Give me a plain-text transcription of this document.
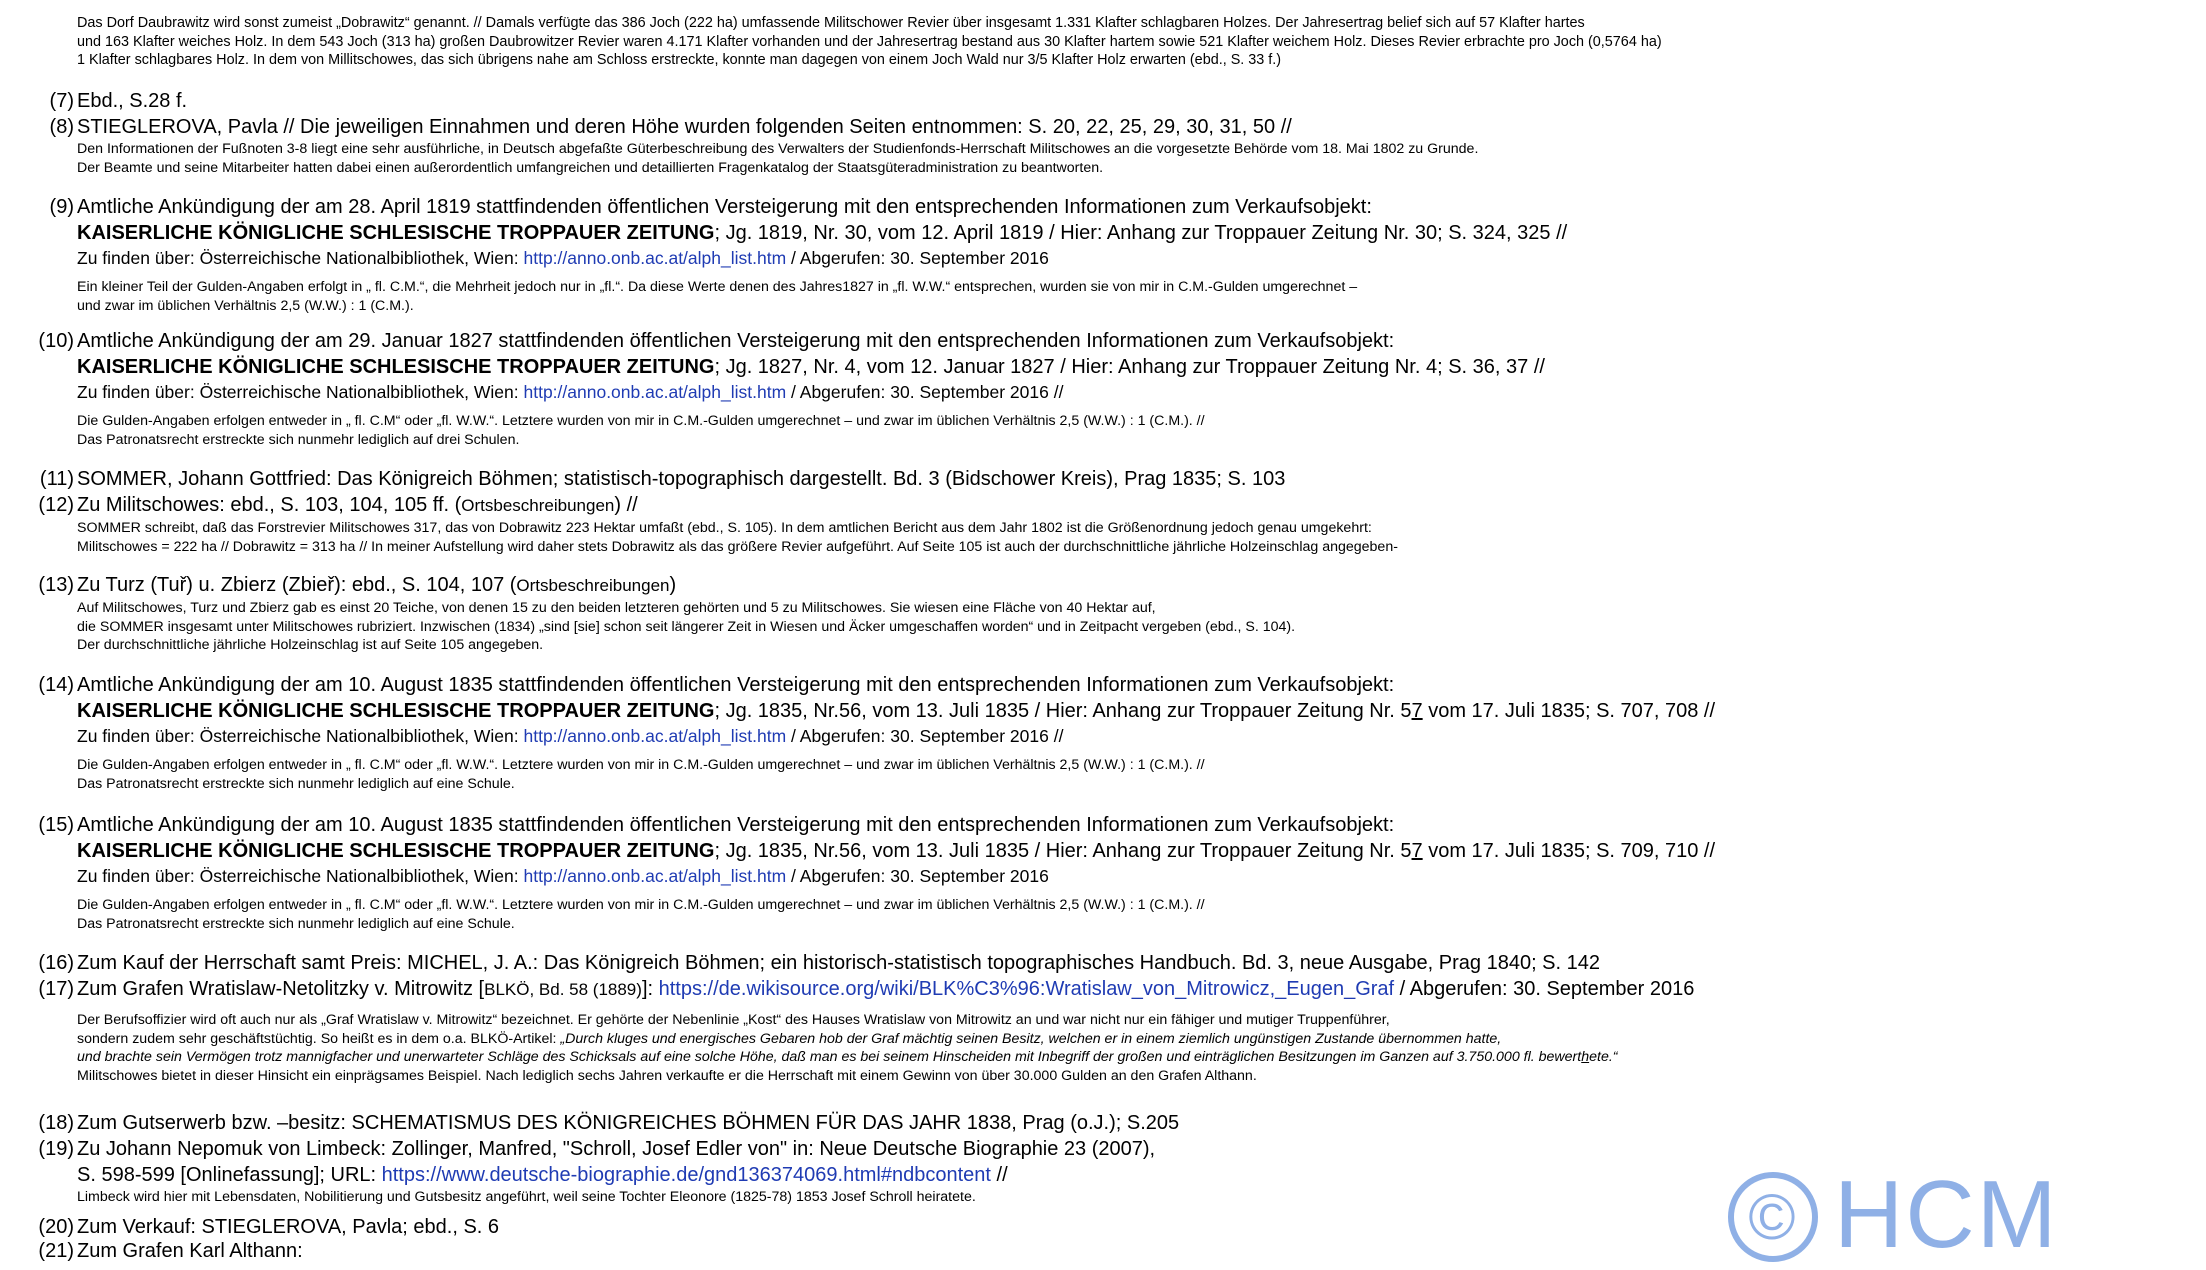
Das Dorf Daubrawitz wird sonst zumeist „Dobrawitz“ genannt. // Damals verfügte das 386 Joch (222 ha) umfassende Militschower Revier über insgesamt 1.331 Klafter schlagbaren Holzes. Der Jahresertrag belief sich auf 57 Klafter hartes
und 163 Klafter weiches Holz. In dem 543 Joch (313 ha) großen Daubrowitzer Revier waren 4.171 Klafter vorhanden und der Jahresertrag bestand aus 30 Klafter hartem sowie 521 Klafter weichem Holz. Dieses Revier erbrachte pro Joch (0,5764 ha)
1 Klafter schlagbares Holz. In dem von Millitschowes, das sich übrigens nahe am Schloss erstreckte, konnte man dagegen von einem Joch Wald nur 3/5 Klafter Holz erwarten (ebd., S. 33 f.)
(7) Ebd., S.28 f.
(8) STIEGLEROVA, Pavla // Die jeweiligen Einnahmen und deren Höhe wurden folgenden Seiten entnommen: S. 20, 22, 25, 29, 30, 31, 50 //
Den Informationen der Fußnoten 3-8 liegt eine sehr ausführliche, in Deutsch abgefaßte Güterbeschreibung des Verwalters der Studienfonds-Herrschaft Militschowes an die vorgesetzte Behörde vom 18. Mai 1802 zu Grunde.
Der Beamte und seine Mitarbeiter hatten dabei einen außerordentlich umfangreichen und detaillierten Fragenkatalog der Staatsgüteradministration zu beantworten.
(9) Amtliche Ankündigung der am 28. April 1819 stattfindenden öffentlichen Versteigerung mit den entsprechenden Informationen zum Verkaufsobjekt:
KAISERLICHE KÖNIGLICHE SCHLESISCHE TROPPAUER ZEITUNG; Jg. 1819, Nr. 30, vom 12. April 1819 / Hier: Anhang zur Troppauer Zeitung Nr. 30; S. 324, 325 //
Zu finden über: Österreichische Nationalbibliothek, Wien: http://anno.onb.ac.at/alph_list.htm / Abgerufen: 30. September 2016
Ein kleiner Teil der Gulden-Angaben erfolgt in „ fl. C.M.“, die Mehrheit jedoch nur in „fl.“. Da diese Werte denen des Jahres1827 in „fl. W.W.“ entsprechen, wurden sie von mir in C.M.-Gulden umgerechnet –
und zwar im üblichen Verhältnis 2,5 (W.W.) : 1 (C.M.).
(10) Amtliche Ankündigung der am 29. Januar 1827 stattfindenden öffentlichen Versteigerung mit den entsprechenden Informationen zum Verkaufsobjekt:
KAISERLICHE KÖNIGLICHE SCHLESISCHE TROPPAUER ZEITUNG; Jg. 1827, Nr. 4, vom 12. Januar 1827 / Hier: Anhang zur Troppauer Zeitung Nr. 4; S. 36, 37 //
Zu finden über: Österreichische Nationalbibliothek, Wien: http://anno.onb.ac.at/alph_list.htm / Abgerufen: 30. September 2016 //
Die Gulden-Angaben erfolgen entweder in „ fl. C.M“ oder „fl. W.W.“. Letztere wurden von mir in C.M.-Gulden umgerechnet – und zwar im üblichen Verhältnis 2,5 (W.W.) : 1 (C.M.). //
Das Patronatsrecht erstreckte sich nunmehr lediglich auf drei Schulen.
(11) SOMMER, Johann Gottfried: Das Königreich Böhmen; statistisch-topographisch dargestellt. Bd. 3 (Bidschower Kreis), Prag 1835; S. 103
(12) Zu Militschowes: ebd., S. 103, 104, 105 ff. (Ortsbeschreibungen) //
SOMMER schreibt, daß das Forstrevier Militschowes 317, das von Dobrawitz 223 Hektar umfaßt (ebd., S. 105). In dem amtlichen Bericht aus dem Jahr 1802 ist die Größenordnung jedoch genau umgekehrt:
Militschowes = 222 ha // Dobrawitz = 313 ha // In meiner Aufstellung wird daher stets Dobrawitz als das größere Revier aufgeführt. Auf Seite 105 ist auch der durchschnittliche jährliche Holzeinschlag angegeben-
(13) Zu Turz (Tuř) u. Zbierz (Zbieř): ebd., S. 104, 107 (Ortsbeschreibungen)
Auf Militschowes, Turz und Zbierz gab es einst 20 Teiche, von denen 15 zu den beiden letzteren gehörten und 5 zu Militschowes. Sie wiesen eine Fläche von 40 Hektar auf,
die SOMMER insgesamt unter Militschowes rubriziert. Inzwischen (1834) „sind [sie] schon seit längerer Zeit in Wiesen und Äcker umgeschaffen worden“ und in Zeitpacht vergeben (ebd., S. 104).
Der durchschnittliche jährliche Holzeinschlag ist auf Seite 105 angegeben.
(14) Amtliche Ankündigung der am 10. August 1835 stattfindenden öffentlichen Versteigerung mit den entsprechenden Informationen zum Verkaufsobjekt:
KAISERLICHE KÖNIGLICHE SCHLESISCHE TROPPAUER ZEITUNG; Jg. 1835, Nr.56, vom 13. Juli 1835 / Hier: Anhang zur Troppauer Zeitung Nr. 57 vom 17. Juli 1835; S. 707, 708 //
Zu finden über: Österreichische Nationalbibliothek, Wien: http://anno.onb.ac.at/alph_list.htm / Abgerufen: 30. September 2016 //
Die Gulden-Angaben erfolgen entweder in „ fl. C.M“ oder „fl. W.W.“. Letztere wurden von mir in C.M.-Gulden umgerechnet – und zwar im üblichen Verhältnis 2,5 (W.W.) : 1 (C.M.). //
Das Patronatsrecht erstreckte sich nunmehr lediglich auf eine Schule.
(15) Amtliche Ankündigung der am 10. August 1835 stattfindenden öffentlichen Versteigerung mit den entsprechenden Informationen zum Verkaufsobjekt:
KAISERLICHE KÖNIGLICHE SCHLESISCHE TROPPAUER ZEITUNG; Jg. 1835, Nr.56, vom 13. Juli 1835 / Hier: Anhang zur Troppauer Zeitung Nr. 57 vom 17. Juli 1835; S. 709, 710 //
Zu finden über: Österreichische Nationalbibliothek, Wien: http://anno.onb.ac.at/alph_list.htm / Abgerufen: 30. September 2016
Die Gulden-Angaben erfolgen entweder in „ fl. C.M“ oder „fl. W.W.“. Letztere wurden von mir in C.M.-Gulden umgerechnet – und zwar im üblichen Verhältnis 2,5 (W.W.) : 1 (C.M.). //
Das Patronatsrecht erstreckte sich nunmehr lediglich auf eine Schule.
(16) Zum Kauf der Herrschaft samt Preis: MICHEL, J. A.: Das Königreich Böhmen; ein historisch-statistisch topographisches Handbuch. Bd. 3, neue Ausgabe, Prag 1840; S. 142
(17) Zum Grafen Wratislaw-Netolitzky v. Mitrowitz [BLKÖ, Bd. 58 (1889)]: https://de.wikisource.org/wiki/BLK%C3%96:Wratislaw_von_Mitrowicz,_Eugen_Graf / Abgerufen: 30. September 2016
Der Berufsoffizier wird oft auch nur als „Graf Wratislaw v. Mitrowitz“ bezeichnet. Er gehörte der Nebenlinie „Kost“ des Hauses Wratislaw von Mitrowitz an und war nicht nur ein fähiger und mutiger Truppenführer,
sondern zudem sehr geschäftstüchtig. So heißt es in dem o.a. BLKÖ-Artikel: „Durch kluges und energisches Gebaren hob der Graf mächtig seinen Besitz, welchen er in einem ziemlich ungünstigen Zustande übernommen hatte,
und brachte sein Vermögen trotz mannigfacher und unerwarteter Schläge des Schicksals auf eine solche Höhe, daß man es bei seinem Hinscheiden mit Inbegriff der großen und einträglichen Besitzungen im Ganzen auf 3.750.000 fl. bewerthete.“
Militschowes bietet in dieser Hinsicht ein einprägsames Beispiel. Nach lediglich sechs Jahren verkaufte er die Herrschaft mit einem Gewinn von über 30.000 Gulden an den Grafen Althann.
(18) Zum Gutserwerb bzw. –besitz: SCHEMATISMUS DES KÖNIGREICHES BÖHMEN FÜR DAS JAHR 1838, Prag (o.J.); S.205
(19) Zu Johann Nepomuk von Limbeck: Zollinger, Manfred, "Schroll, Josef Edler von" in: Neue Deutsche Biographie 23 (2007),
S. 598-599 [Onlinefassung]; URL: https://www.deutsche-biographie.de/gnd136374069.html#ndbcontent //
Limbeck wird hier mit Lebensdaten, Nobilitierung und Gutsbesitz angeführt, weil seine Tochter Eleonore (1825-78) 1853 Josef Schroll heiratete.
(20) Zum Verkauf: STIEGLEROVA, Pavla; ebd., S. 6
(21) Zum Grafen Karl Althann:	© HCM
